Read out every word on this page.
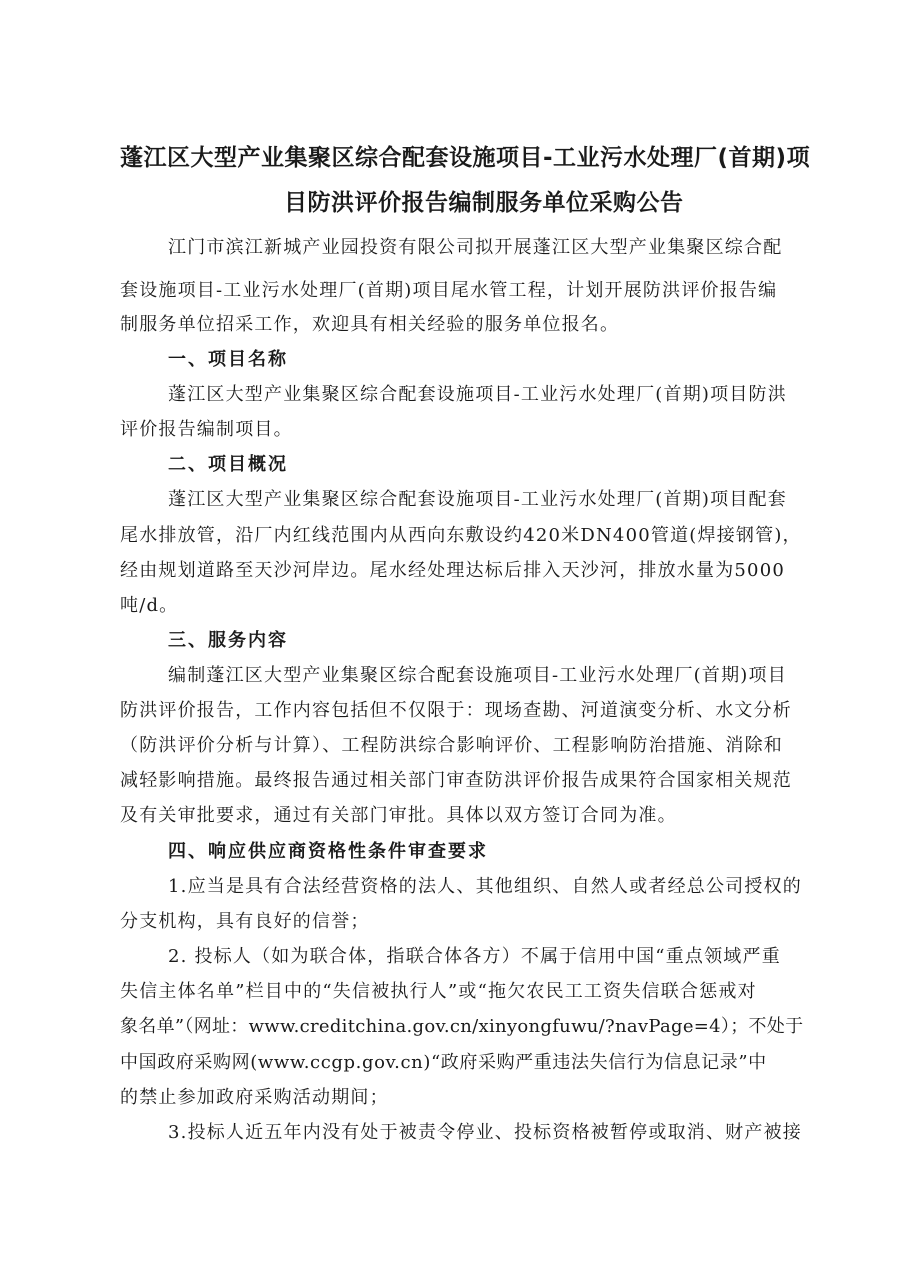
蓬江区大型产业集聚区综合配套设施项目-工业污水处理厂(首期)项
目防洪评价报告编制服务单位采购公告
江门市滨江新城产业园投资有限公司拟开展蓬江区大型产业集聚区综合配
套设施项目-工业污水处理厂(首期)项目尾水管工程，计划开展防洪评价报告编
制服务单位招采工作，欢迎具有相关经验的服务单位报名。
一、项目名称
蓬江区大型产业集聚区综合配套设施项目-工业污水处理厂(首期)项目防洪
评价报告编制项目。
二、项目概况
蓬江区大型产业集聚区综合配套设施项目-工业污水处理厂(首期)项目配套
尾水排放管，沿厂内红线范围内从西向东敷设约420米DN400管道(焊接钢管)，
经由规划道路至天沙河岸边。尾水经处理达标后排入天沙河，排放水量为5000
吨/d。
三、服务内容
编制蓬江区大型产业集聚区综合配套设施项目-工业污水处理厂(首期)项目
防洪评价报告，工作内容包括但不仅限于：现场查勘、河道演变分析、水文分析
（防洪评价分析与计算）、工程防洪综合影响评价、工程影响防治措施、消除和
减轻影响措施。最终报告通过相关部门审查防洪评价报告成果符合国家相关规范
及有关审批要求，通过有关部门审批。具体以双方签订合同为准。
四、响应供应商资格性条件审查要求
1.应当是具有合法经营资格的法人、其他组织、自然人或者经总公司授权的
分支机构，具有良好的信誉；
2. 投标人（如为联合体，指联合体各方）不属于信用中国“重点领域严重
失信主体名单”栏目中的“失信被执行人”或“拖欠农民工工资失信联合惩戒对
象名单”（网址：www.creditchina.gov.cn/xinyongfuwu/?navPage=4）；不处于
中国政府采购网(www.ccgp.gov.cn)“政府采购严重违法失信行为信息记录”中
的禁止参加政府采购活动期间；
3.投标人近五年内没有处于被责令停业、投标资格被暂停或取消、财产被接
